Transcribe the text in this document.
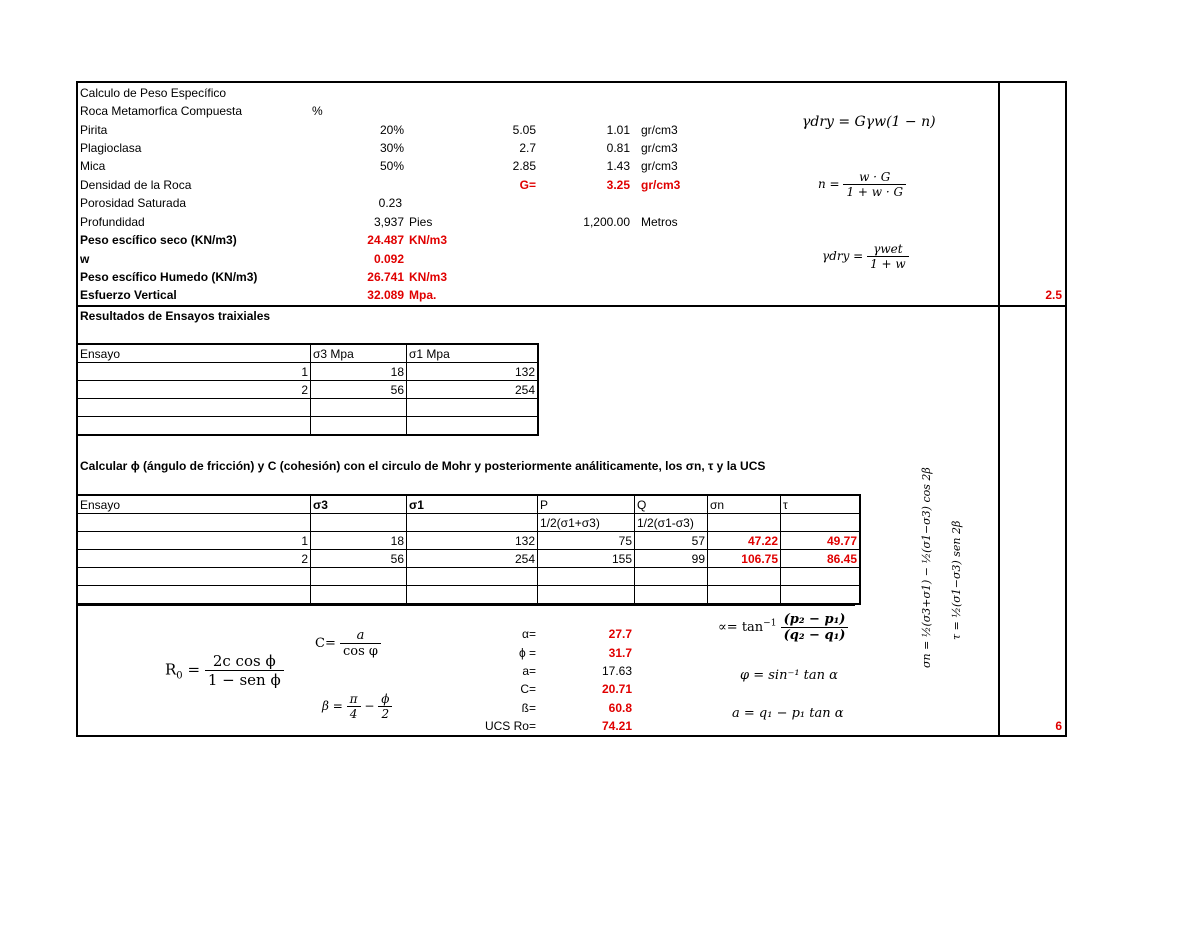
Calculo de Peso Específico
Roca Metamorfica Compuesta	%
Pirita	20%	5.05	1.01 gr/cm3
Plagioclasa	30%	2.7	0.81 gr/cm3
Mica	50%	2.85	1.43 gr/cm3
Densidad de la Roca	G=	3.25 gr/cm3
Porosidad Saturada	0.23
Profundidad	3,937 Pies	1,200.00 Metros
Peso escífico seco (KN/m3)	24.487 KN/m3
w	0.092
Peso escífico Humedo (KN/m3)	26.741 KN/m3
Esfuerzo Vertical	32.089 Mpa.	2.5
γdry = Gγw(1 − n)
$n = \frac{w \cdot G}{1 + w \cdot G}$
$\gamma dry = \frac{\text{γwet}}{1 + w}$
Resultados de Ensayos traixiales
Ensayo	σ3 Mpa	σ1 Mpa
1	18	132
2	56	254

Calcular ϕ (ángulo de fricción) y C (cohesión) con el circulo de Mohr y posteriormente análiticamente, los σn, τ y la UCS
Ensayo	σ3	σ1	P	Q	σn	τ
			1/2(σ1+σ3)	1/2(σ1-σ3)		
1	18	132	75	57	47.22	49.77
2	56	254	155	99	106.75	86.45

α=	27.7
ϕ =	31.7
a=	17.63
C=	20.71
ß=	60.8
UCS Ro=	74.21	6
$R_0 = \frac{\text{2c cos ϕ}}{\text{1 − sen ϕ}}$
$C= \frac{a}{\text{cos φ}}$
$\beta = \frac{\pi}{4} - \frac{\phi}{2}$
∝= $\tan^{-1} \frac{\text{(p₂ − p₁)}}{\text{(q₂ − q₁)}}$
φ = sin⁻¹ tan α
a = q₁ − p₁ tan α
σn = ½(σ3+σ1) − ½(σ1−σ3) cos 2β τ = ½(σ1−σ3) sen 2β
